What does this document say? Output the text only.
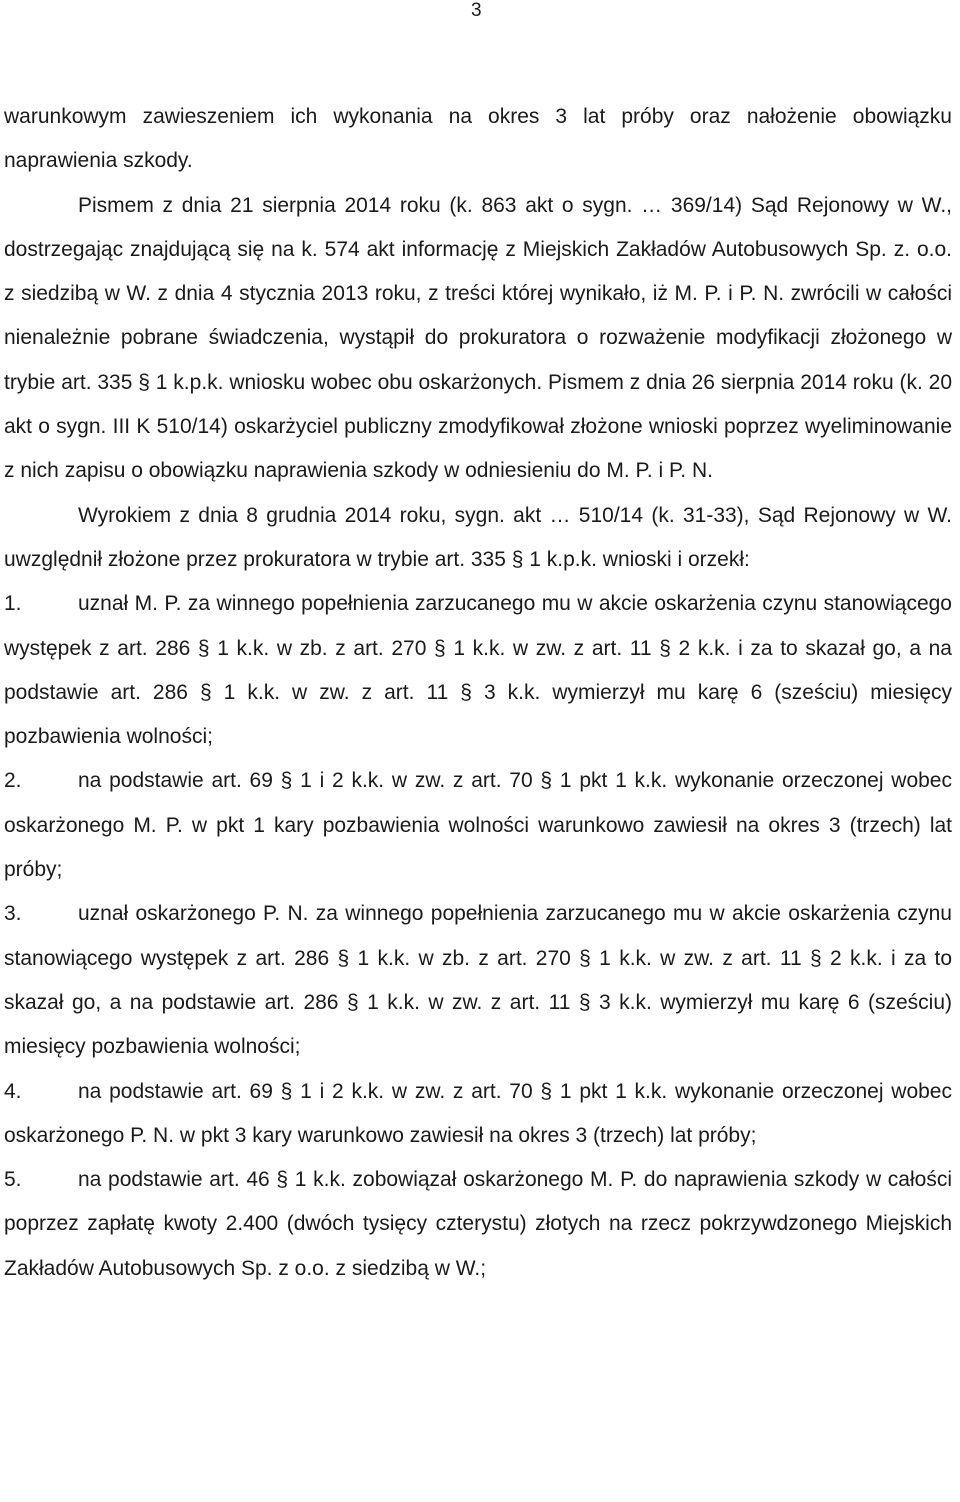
3

warunkowym zawieszeniem ich wykonania na okres 3 lat próby oraz nałożenie obowiązku naprawienia szkody.

Pismem z dnia 21 sierpnia 2014 roku (k. 863 akt o sygn. … 369/14) Sąd Rejonowy w W., dostrzegając znajdującą się na k. 574 akt informację z Miejskich Zakładów Autobusowych Sp. z. o.o. z siedzibą w W. z dnia 4 stycznia 2013 roku, z treści której wynikało, iż M. P. i P. N. zwrócili w całości nienależnie pobrane świadczenia, wystąpił do prokuratora o rozważenie modyfikacji złożonego w trybie art. 335 § 1 k.p.k. wniosku wobec obu oskarżonych. Pismem z dnia 26 sierpnia 2014 roku (k. 20 akt o sygn. III K 510/14) oskarżyciel publiczny zmodyfikował złożone wnioski poprzez wyeliminowanie z nich zapisu o obowiązku naprawienia szkody w odniesieniu do M. P. i P. N.

Wyrokiem z dnia 8 grudnia 2014 roku, sygn. akt … 510/14 (k. 31-33), Sąd Rejonowy w W. uwzględnił złożone przez prokuratora w trybie art. 335 § 1 k.p.k. wnioski i orzekł:

1.	uznał M. P. za winnego popełnienia zarzucanego mu w akcie oskarżenia czynu stanowiącego występek z art. 286 § 1 k.k. w zb. z art. 270 § 1 k.k. w zw. z art. 11 § 2 k.k. i za to skazał go, a na podstawie art. 286 § 1 k.k. w zw. z art. 11 § 3 k.k. wymierzył mu karę 6 (sześciu) miesięcy pozbawienia wolności;

2.	na podstawie art. 69 § 1 i 2 k.k. w zw. z art. 70 § 1 pkt 1 k.k. wykonanie orzeczonej wobec oskarżonego M. P. w pkt 1 kary pozbawienia wolności warunkowo zawiesił na okres 3 (trzech) lat próby;

3.	uznał oskarżonego P. N. za winnego popełnienia zarzucanego mu w akcie oskarżenia czynu stanowiącego występek z art. 286 § 1 k.k. w zb. z art. 270 § 1 k.k. w zw. z art. 11 § 2 k.k. i za to skazał go, a na podstawie art. 286 § 1 k.k. w zw. z art. 11 § 3 k.k. wymierzył mu karę 6 (sześciu) miesięcy pozbawienia wolności;

4.	na podstawie art. 69 § 1 i 2 k.k. w zw. z art. 70 § 1 pkt 1 k.k. wykonanie orzeczonej wobec oskarżonego P. N. w pkt 3 kary warunkowo zawiesił na okres 3 (trzech) lat próby;

5.	na podstawie art. 46 § 1 k.k. zobowiązał oskarżonego M. P. do naprawienia szkody w całości poprzez zapłatę kwoty 2.400 (dwóch tysięcy czterystu) złotych na rzecz pokrzywdzonego Miejskich Zakładów Autobusowych Sp. z o.o. z siedzibą w W.;
